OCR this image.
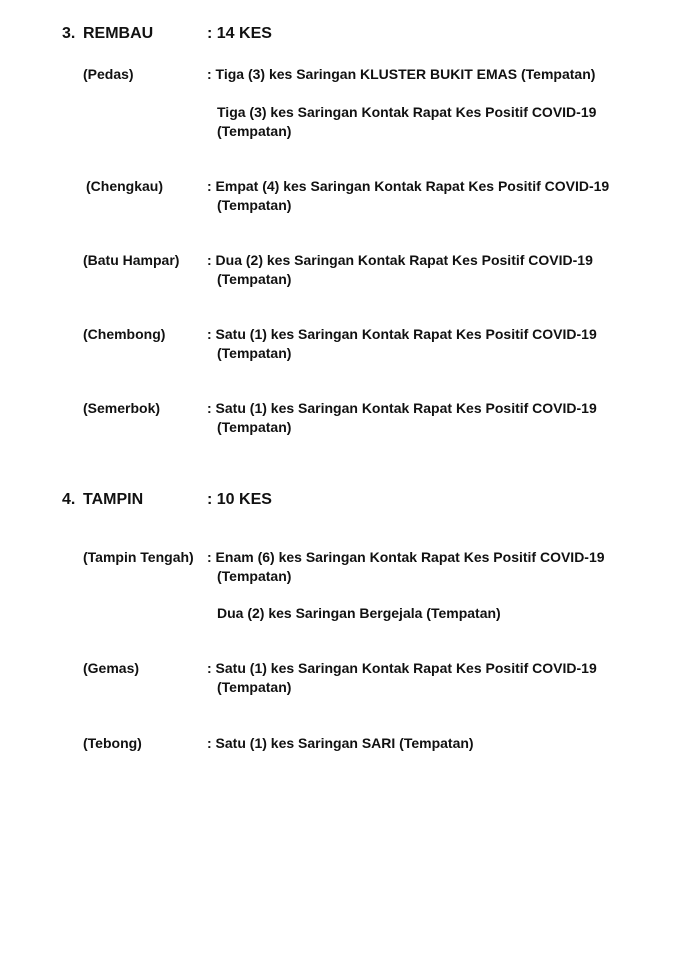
3. REMBAU	: 14 KES
(Pedas)	: Tiga (3) kes Saringan KLUSTER BUKIT EMAS (Tempatan)
Tiga (3) kes Saringan Kontak Rapat Kes Positif COVID-19
(Tempatan)
(Chengkau)	: Empat (4) kes Saringan Kontak Rapat Kes Positif COVID-19
(Tempatan)
(Batu Hampar) : Dua (2) kes Saringan Kontak Rapat Kes Positif COVID-19
(Tempatan)
(Chembong)	: Satu (1) kes Saringan Kontak Rapat Kes Positif COVID-19
(Tempatan)
(Semerbok)	: Satu (1) kes Saringan Kontak Rapat Kes Positif COVID-19
(Tempatan)
4. TAMPIN	: 10 KES
(Tampin Tengah) : Enam (6) kes Saringan Kontak Rapat Kes Positif COVID-19
(Tempatan)
Dua (2) kes Saringan Bergejala (Tempatan)
(Gemas)	: Satu (1) kes Saringan Kontak Rapat Kes Positif COVID-19
(Tempatan)
(Tebong)	: Satu (1) kes Saringan SARI (Tempatan)
